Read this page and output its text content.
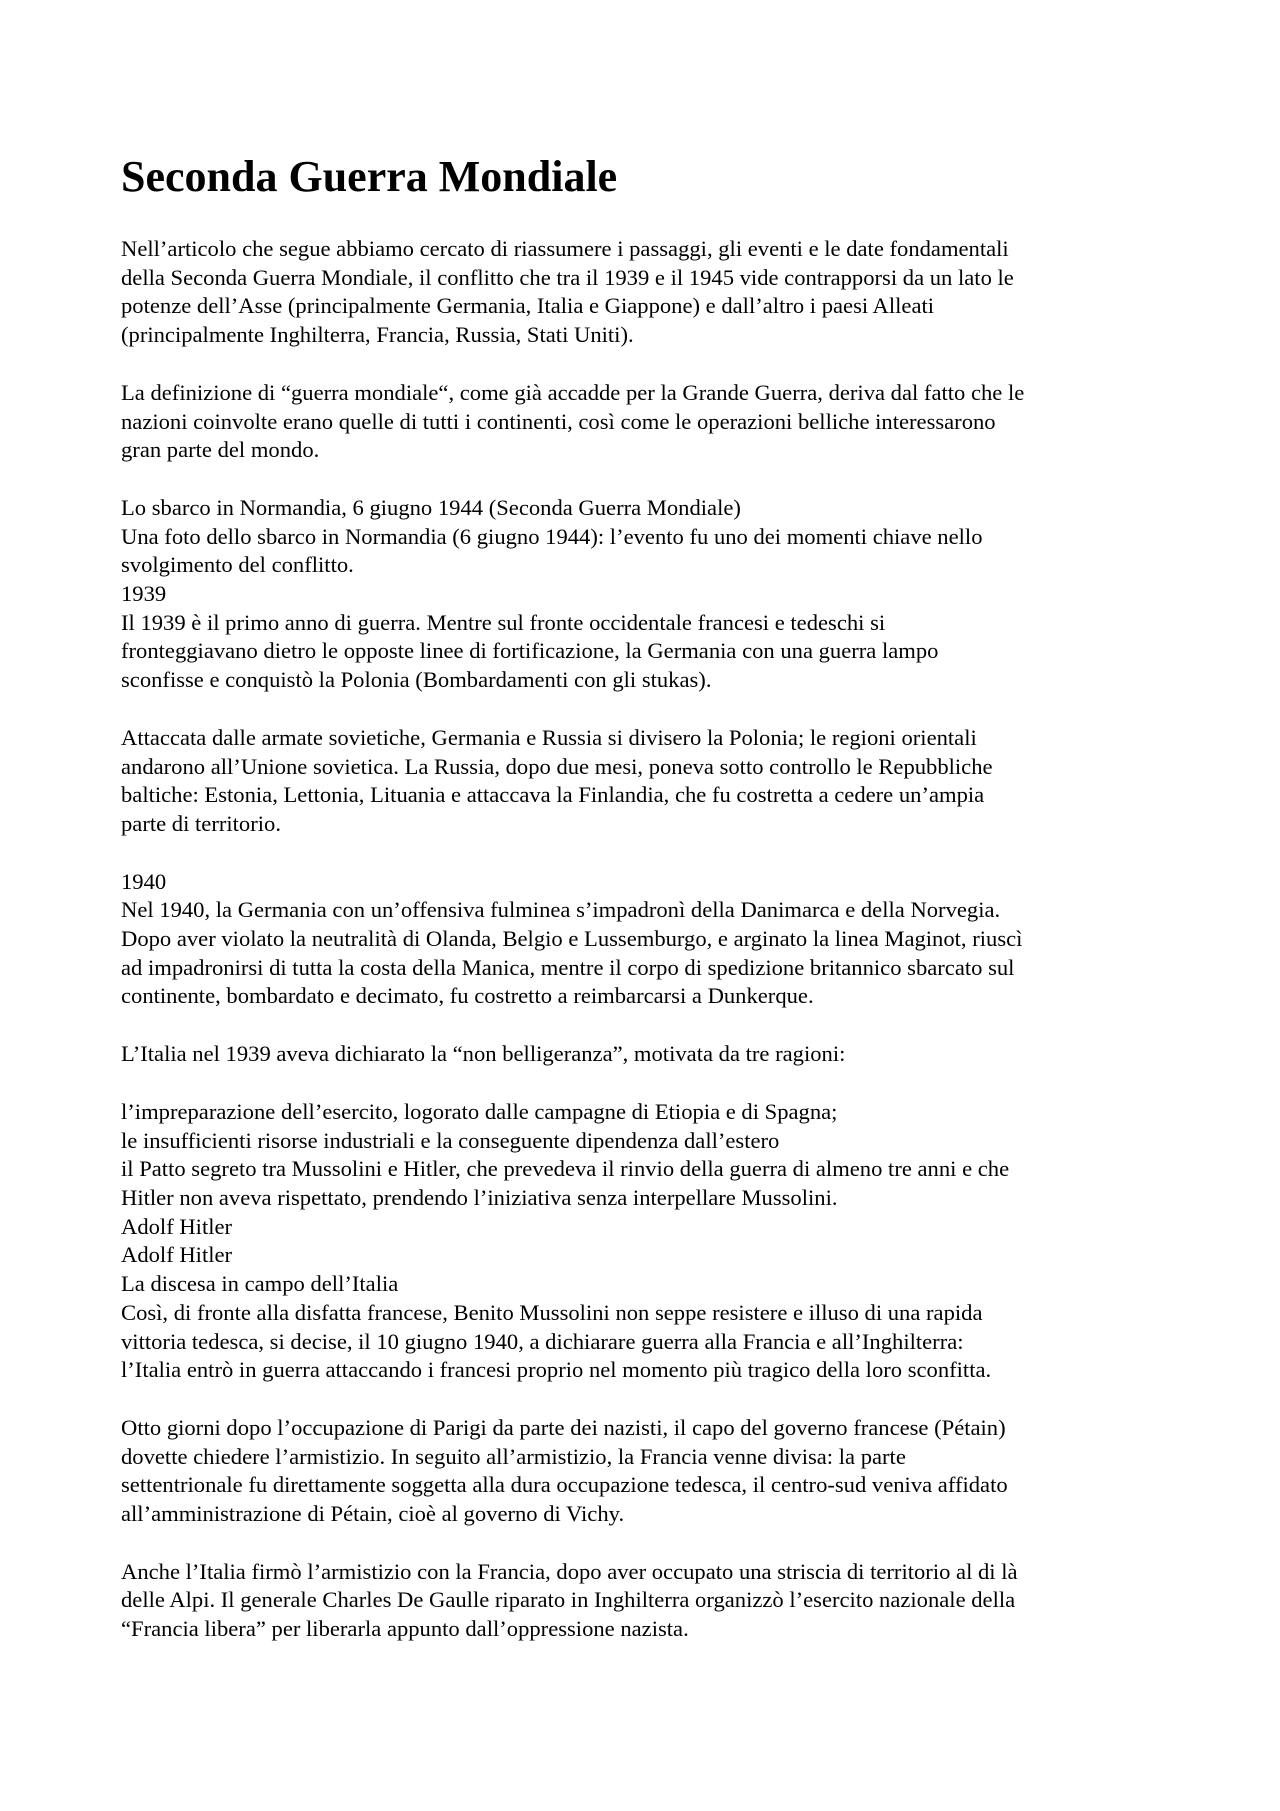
Seconda Guerra Mondiale
Nell’articolo che segue abbiamo cercato di riassumere i passaggi, gli eventi e le date fondamentali
della Seconda Guerra Mondiale, il conflitto che tra il 1939 e il 1945 vide contrapporsi da un lato le
potenze dell’Asse (principalmente Germania, Italia e Giappone) e dall’altro i paesi Alleati
(principalmente Inghilterra, Francia, Russia, Stati Uniti).
La definizione di “guerra mondiale“, come già accadde per la Grande Guerra, deriva dal fatto che le
nazioni coinvolte erano quelle di tutti i continenti, così come le operazioni belliche interessarono
gran parte del mondo.
Lo sbarco in Normandia, 6 giugno 1944 (Seconda Guerra Mondiale)
Una foto dello sbarco in Normandia (6 giugno 1944): l’evento fu uno dei momenti chiave nello
svolgimento del conflitto.
1939
Il 1939 è il primo anno di guerra. Mentre sul fronte occidentale francesi e tedeschi si
fronteggiavano dietro le opposte linee di fortificazione, la Germania con una guerra lampo
sconfisse e conquistò la Polonia (Bombardamenti con gli stukas).
Attaccata dalle armate sovietiche, Germania e Russia si divisero la Polonia; le regioni orientali
andarono all’Unione sovietica. La Russia, dopo due mesi, poneva sotto controllo le Repubbliche
baltiche: Estonia, Lettonia, Lituania e attaccava la Finlandia, che fu costretta a cedere un’ampia
parte di territorio.
1940
Nel 1940, la Germania con un’offensiva fulminea s’impadronì della Danimarca e della Norvegia.
Dopo aver violato la neutralità di Olanda, Belgio e Lussemburgo, e arginato la linea Maginot, riuscì
ad impadronirsi di tutta la costa della Manica, mentre il corpo di spedizione britannico sbarcato sul
continente, bombardato e decimato, fu costretto a reimbarcarsi a Dunkerque.
L’Italia nel 1939 aveva dichiarato la “non belligeranza”, motivata da tre ragioni:
l’impreparazione dell’esercito, logorato dalle campagne di Etiopia e di Spagna;
le insufficienti risorse industriali e la conseguente dipendenza dall’estero
il Patto segreto tra Mussolini e Hitler, che prevedeva il rinvio della guerra di almeno tre anni e che
Hitler non aveva rispettato, prendendo l’iniziativa senza interpellare Mussolini.
Adolf Hitler
Adolf Hitler
La discesa in campo dell’Italia
Così, di fronte alla disfatta francese, Benito Mussolini non seppe resistere e illuso di una rapida
vittoria tedesca, si decise, il 10 giugno 1940, a dichiarare guerra alla Francia e all’Inghilterra:
l’Italia entrò in guerra attaccando i francesi proprio nel momento più tragico della loro sconfitta.
Otto giorni dopo l’occupazione di Parigi da parte dei nazisti, il capo del governo francese (Pétain)
dovette chiedere l’armistizio. In seguito all’armistizio, la Francia venne divisa: la parte
settentrionale fu direttamente soggetta alla dura occupazione tedesca, il centro-sud veniva affidato
all’amministrazione di Pétain, cioè al governo di Vichy.
Anche l’Italia firmò l’armistizio con la Francia, dopo aver occupato una striscia di territorio al di là
delle Alpi. Il generale Charles De Gaulle riparato in Inghilterra organizzò l’esercito nazionale della
“Francia libera” per liberarla appunto dall’oppressione nazista.
